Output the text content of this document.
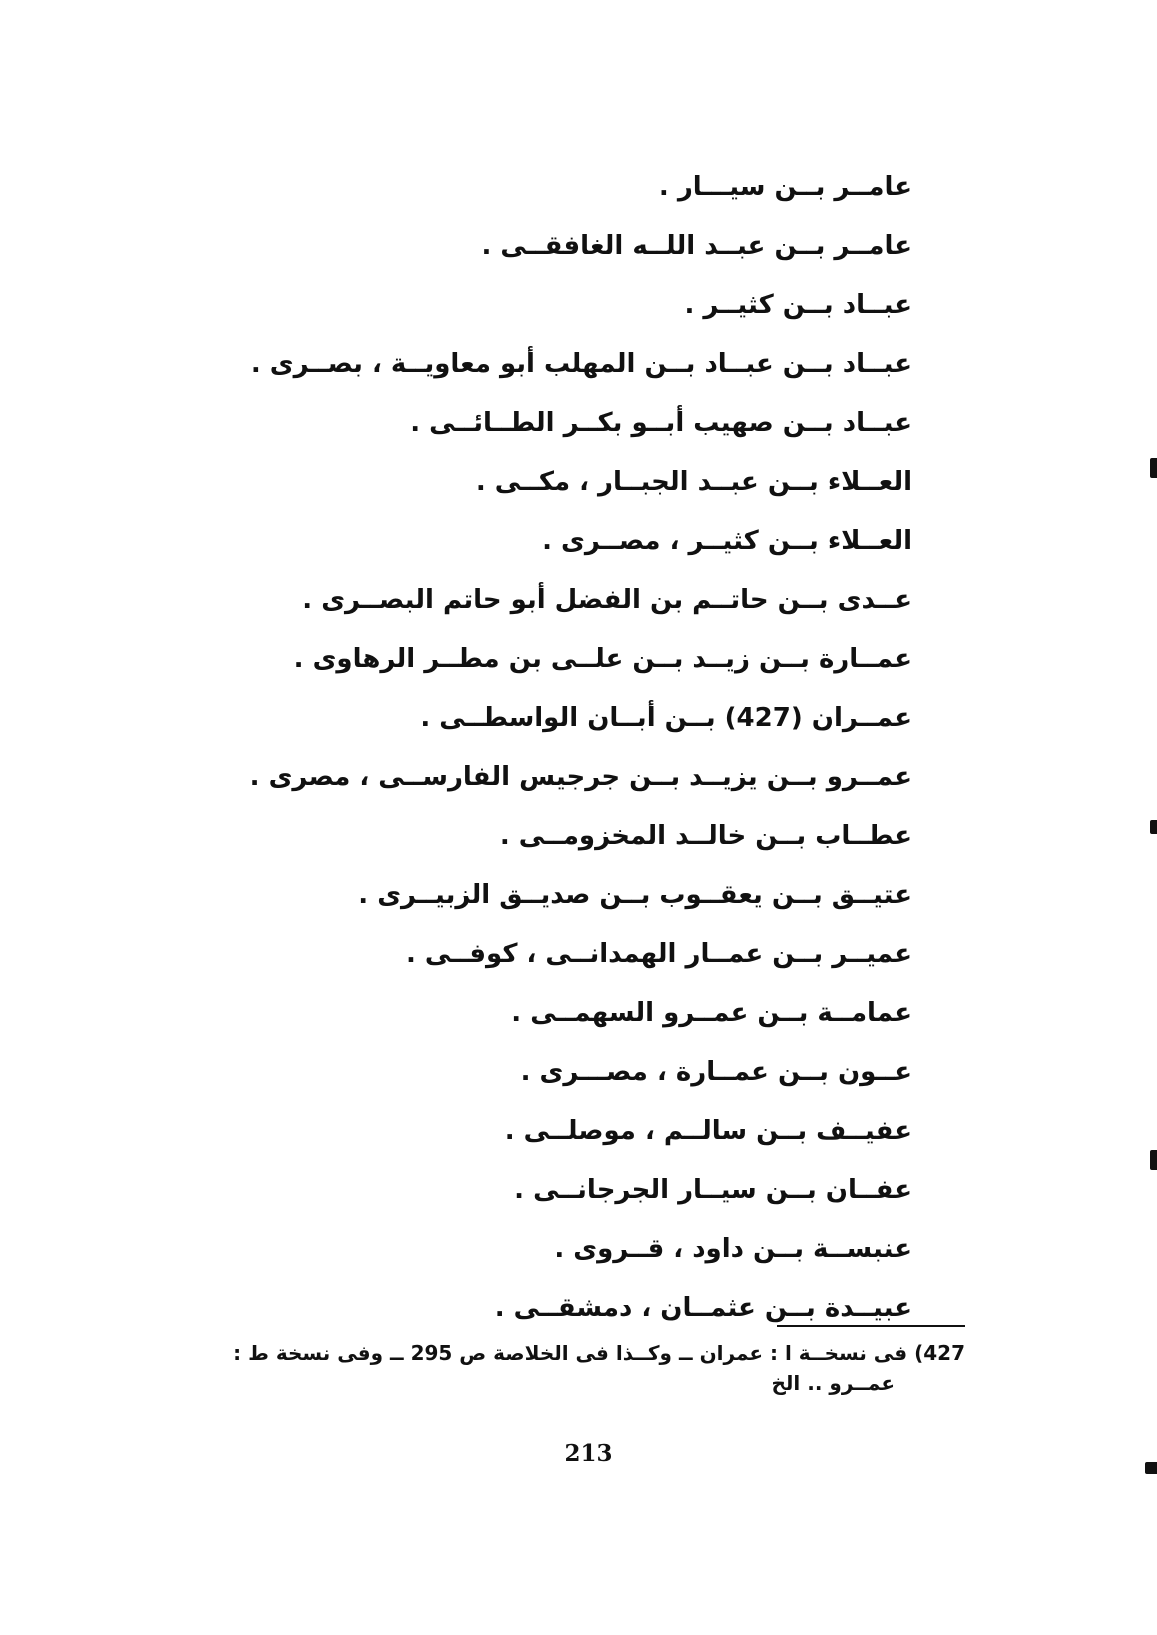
عامــر بــن سيـــار .
عامــر بــن عبــد اللــه الغافقــى .
عبــاد بــن كثيــر .
عبــاد بــن عبــاد بــن المهلب أبو معاويــة ، بصــرى .
عبــاد بــن صهيب أبــو بكــر الطــائــى .
العــلاء بــن عبــد الجبــار ، مكــى .
العــلاء بــن كثيــر ، مصــرى .
عــدى بــن حاتــم بن الفضل أبو حاتم البصــرى .
عمــارة بــن زيــد بــن علــى بن مطــر الرهاوى .
عمــران (427) بــن أبــان الواسطــى .
عمــرو بــن يزيــد بــن جرجيس الفارســى ، مصرى .
عطــاب بــن خالــد المخزومــى .
عتيــق بــن يعقــوب بــن صديــق الزبيــرى .
عميــر بــن عمــار الهمدانــى ، كوفــى .
عمامــة بــن عمــرو السهمــى .
عــون بــن عمــارة ، مصـــرى .
عفيــف بــن سالــم ، موصلــى .
عفــان بــن سيــار الجرجانــى .
عنبســة بــن داود ، قــروى .
عبيــدة بــن عثمــان ، دمشقــى .
427) فى نسخــة ا : عمران ــ وكــذا فى الخلاصة ص 295 ــ وفى نسخة ط :
عمــرو .. الخ
213
